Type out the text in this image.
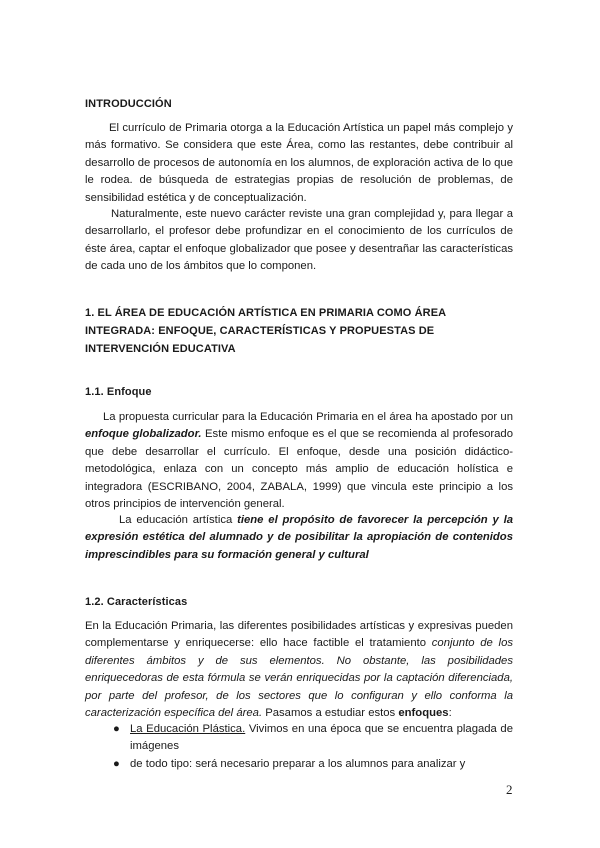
INTRODUCCIÓN

El currículo de Primaria otorga a la Educación Artística un papel más complejo y más formativo. Se considera que este Área, como las restantes, debe contribuir al desarrollo de procesos de autonomía en los alumnos, de exploración activa de lo que le rodea. de búsqueda de estrategias propias de resolución de problemas, de sensibilidad estética y de conceptualización.

Naturalmente, este nuevo carácter reviste una gran complejidad y, para llegar a desarrollarlo, el profesor debe profundizar en el conocimiento de los currículos de éste área, captar el enfoque globalizador que posee y desentrañar las características de cada uno de los ámbitos que lo componen.

1. EL ÁREA DE EDUCACIÓN ARTÍSTICA EN PRIMARIA COMO ÁREA INTEGRADA: ENFOQUE, CARACTERÍSTICAS Y PROPUESTAS DE INTERVENCIÓN EDUCATIVA

1.1. Enfoque

La propuesta curricular para la Educación Primaria en el área ha apostado por un enfoque globalizador. Este mismo enfoque es el que se recomienda al profesorado que debe desarrollar el currículo. El enfoque, desde una posición didáctico-metodológica, enlaza con un concepto más amplio de educación holística e integradora (ESCRIBANO, 2004, ZABALA, 1999) que vincula este principio a los otros principios de intervención general.

La educación artística tiene el propósito de favorecer la percepción y la expresión estética del alumnado y de posibilitar la apropiación de contenidos imprescindibles para su formación general y cultural

1.2. Características

En la Educación Primaria, las diferentes posibilidades artísticas y expresivas pueden complementarse y enriquecerse: ello hace factible el tratamiento conjunto de los diferentes ámbitos y de sus elementos. No obstante, las posibilidades enriquecedoras de esta fórmula se verán enriquecidas por la captación diferenciada, por parte del profesor, de los sectores que lo configuran y ello conforma la caracterización específica del área. Pasamos a estudiar estos enfoques:

● La Educación Plástica. Vivimos en una época que se encuentra plagada de imágenes
● de todo tipo: será necesario preparar a los alumnos para analizar y
2
